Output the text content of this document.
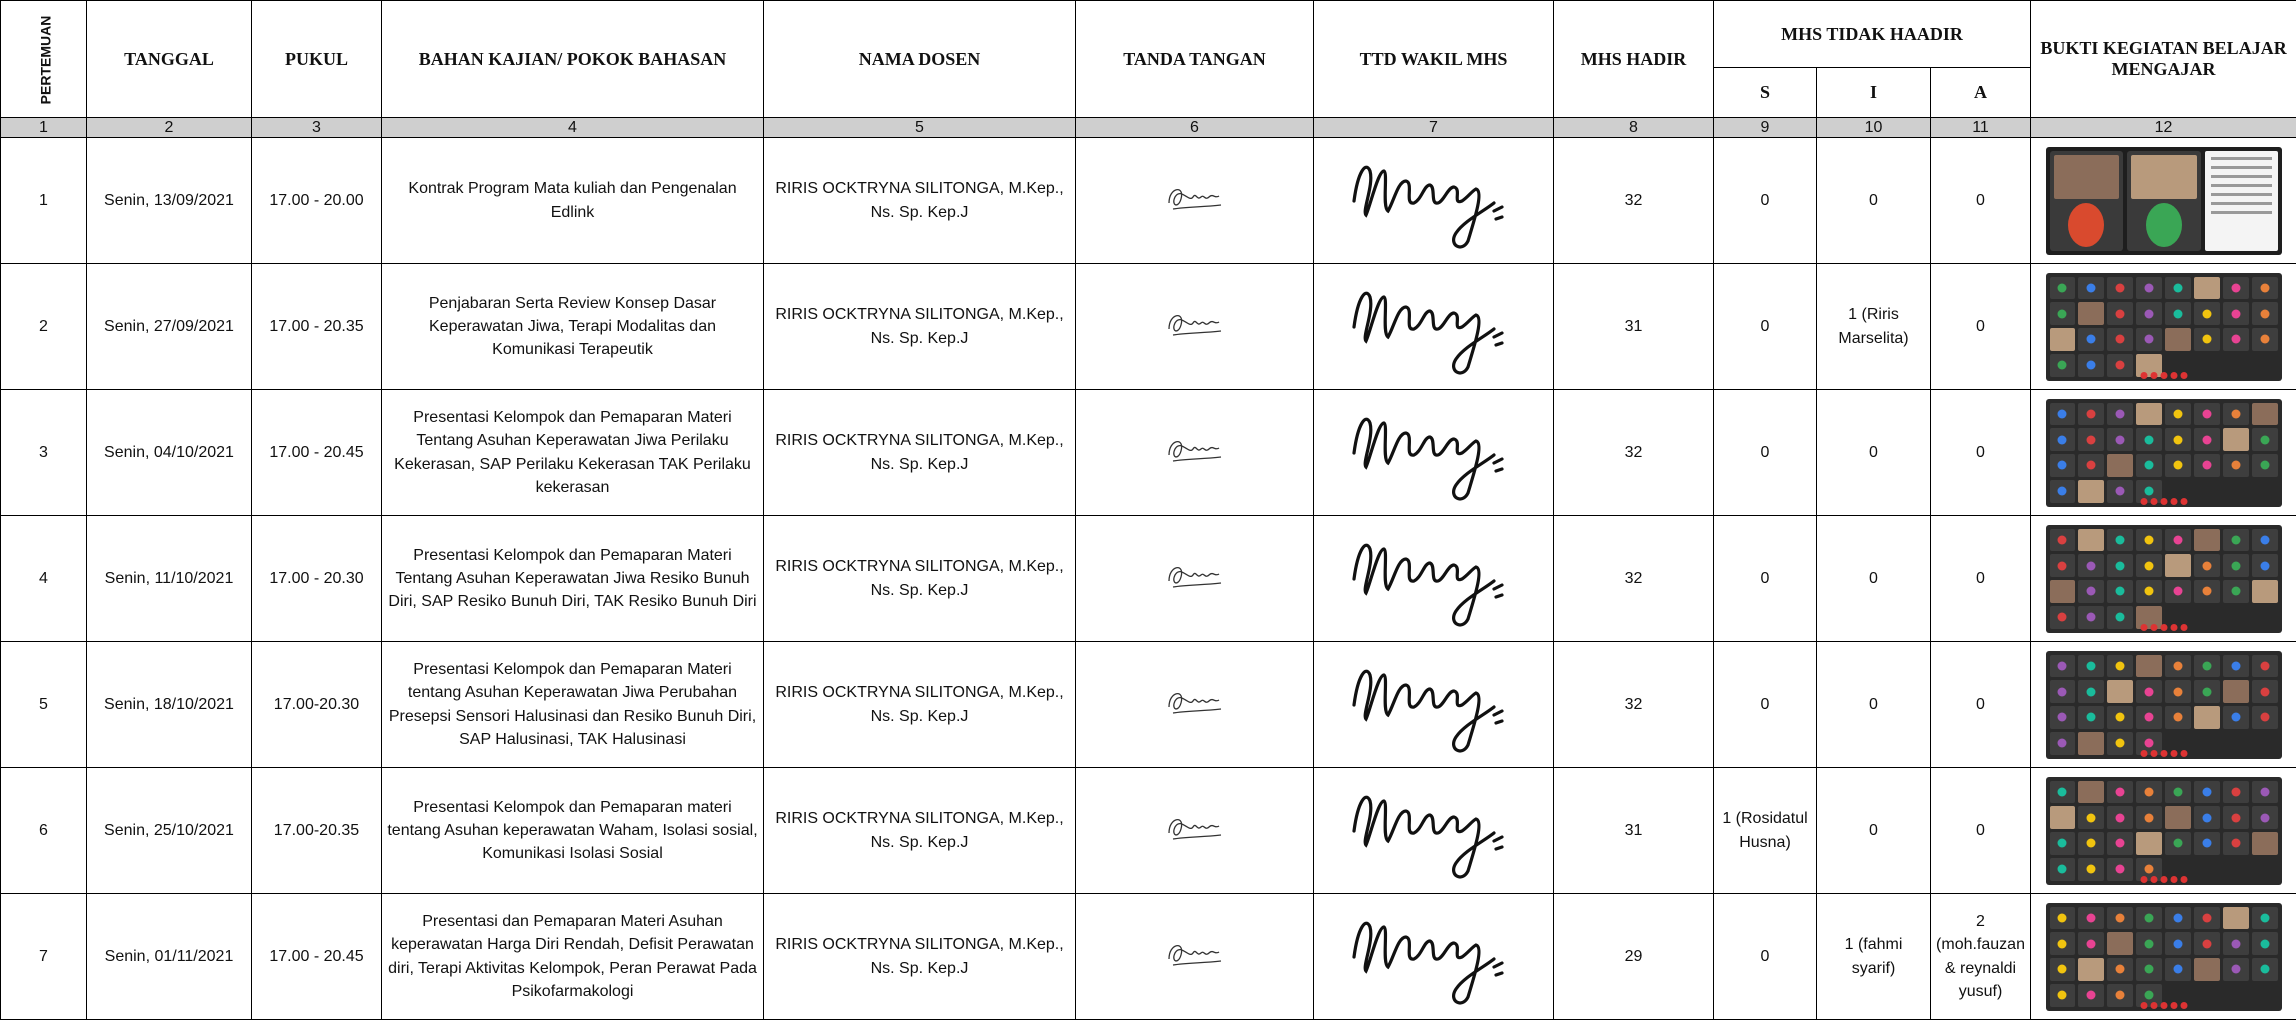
PERTEMUAN	TANGGAL	PUKUL	BAHAN KAJIAN/ POKOK BAHASAN	NAMA DOSEN	TANDA TANGAN	TTD WAKIL MHS	MHS HADIR	MHS TIDAK HAADIR			BUKTI KEGIATAN BELAJAR MENGAJAR
								S	I	A	
1	2	3	4	5	6	7	8	9	10	11	12
1	Senin, 13/09/2021	17.00 - 20.00	Kontrak Program Mata kuliah dan Pengenalan Edlink	RIRIS OCKTRYNA SILITONGA, M.Kep., Ns. Sp. Kep.J			32	0	0	0	

2	Senin, 27/09/2021	17.00 - 20.35	Penjabaran Serta Review Konsep Dasar Keperawatan Jiwa, Terapi Modalitas dan Komunikasi Terapeutik	RIRIS OCKTRYNA SILITONGA, M.Kep., Ns. Sp. Kep.J			31	0	1 (Riris Marselita)	0	

3	Senin, 04/10/2021	17.00 - 20.45	Presentasi Kelompok dan Pemaparan Materi Tentang Asuhan Keperawatan Jiwa Perilaku Kekerasan, SAP Perilaku Kekerasan TAK Perilaku kekerasan	RIRIS OCKTRYNA SILITONGA, M.Kep., Ns. Sp. Kep.J			32	0	0	0	

4	Senin, 11/10/2021	17.00 - 20.30	Presentasi Kelompok dan Pemaparan Materi Tentang Asuhan Keperawatan Jiwa Resiko Bunuh Diri, SAP Resiko Bunuh Diri, TAK Resiko Bunuh Diri	RIRIS OCKTRYNA SILITONGA, M.Kep., Ns. Sp. Kep.J			32	0	0	0	

5	Senin, 18/10/2021	17.00-20.30	Presentasi Kelompok dan Pemaparan Materi tentang Asuhan Keperawatan Jiwa Perubahan Presepsi Sensori Halusinasi dan Resiko Bunuh Diri, SAP Halusinasi, TAK Halusinasi	RIRIS OCKTRYNA SILITONGA, M.Kep., Ns. Sp. Kep.J			32	0	0	0	

6	Senin, 25/10/2021	17.00-20.35	Presentasi Kelompok dan Pemaparan materi tentang Asuhan keperawatan Waham, Isolasi sosial, Komunikasi Isolasi Sosial	RIRIS OCKTRYNA SILITONGA, M.Kep., Ns. Sp. Kep.J			31	1 (Rosidatul Husna)	0	0	

7	Senin, 01/11/2021	17.00 - 20.45	Presentasi dan Pemaparan Materi Asuhan keperawatan Harga Diri Rendah, Defisit Perawatan diri, Terapi Aktivitas Kelompok, Peran Perawat Pada Psikofarmakologi	RIRIS OCKTRYNA SILITONGA, M.Kep., Ns. Sp. Kep.J			29	0	1 (fahmi syarif)	2 (moh.fauzan & reynaldi yusuf)	
